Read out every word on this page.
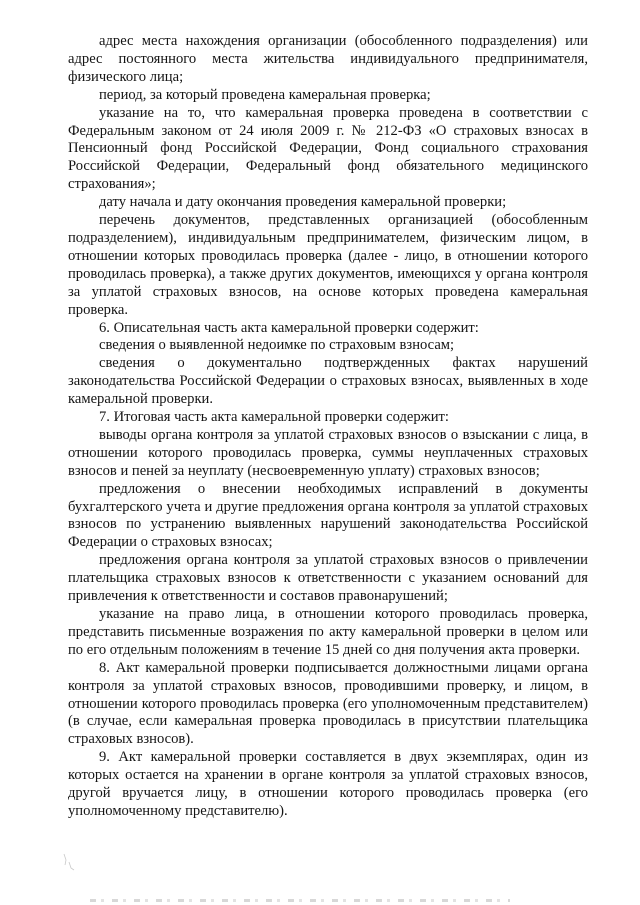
адрес места нахождения организации (обособленного подразделения) или адрес постоянного места жительства индивидуального предпринимателя, физического лица;

период, за который проведена камеральная проверка;

указание на то, что камеральная проверка проведена в соответствии с Федеральным законом от 24 июля 2009 г. № 212-ФЗ «О страховых взносах в Пенсионный фонд Российской Федерации, Фонд социального страхования Российской Федерации, Федеральный фонд обязательного медицинского страхования»;

дату начала и дату окончания проведения камеральной проверки;

перечень документов, представленных организацией (обособленным подразделением), индивидуальным предпринимателем, физическим лицом, в отношении которых проводилась проверка (далее - лицо, в отношении которого проводилась проверка), а также других документов, имеющихся у органа контроля за уплатой страховых взносов, на основе которых проведена камеральная проверка.

6. Описательная часть акта камеральной проверки содержит:

сведения о выявленной недоимке по страховым взносам;

сведения о документально подтвержденных фактах нарушений законодательства Российской Федерации о страховых взносах, выявленных в ходе камеральной проверки.

7. Итоговая часть акта камеральной проверки содержит:

выводы органа контроля за уплатой страховых взносов о взыскании с лица, в отношении которого проводилась проверка, суммы неуплаченных страховых взносов и пеней за неуплату (несвоевременную уплату) страховых взносов;

предложения о внесении необходимых исправлений в документы бухгалтерского учета и другие предложения органа контроля за уплатой страховых взносов по устранению выявленных нарушений законодательства Российской Федерации о страховых взносах;

предложения органа контроля за уплатой страховых взносов о привлечении плательщика страховых взносов к ответственности с указанием оснований для привлечения к ответственности и составов правонарушений;

указание на право лица, в отношении которого проводилась проверка, представить письменные возражения по акту камеральной проверки в целом или по его отдельным положениям в течение 15 дней со дня получения акта проверки.

8. Акт камеральной проверки подписывается должностными лицами органа контроля за уплатой страховых взносов, проводившими проверку, и лицом, в отношении которого проводилась проверка (его уполномоченным представителем) (в случае, если камеральная проверка проводилась в присутствии плательщика страховых взносов).

9. Акт камеральной проверки составляется в двух экземплярах, один из которых остается на хранении в органе контроля за уплатой страховых взносов, другой вручается лицу, в отношении которого проводилась проверка (его уполномоченному представителю).
